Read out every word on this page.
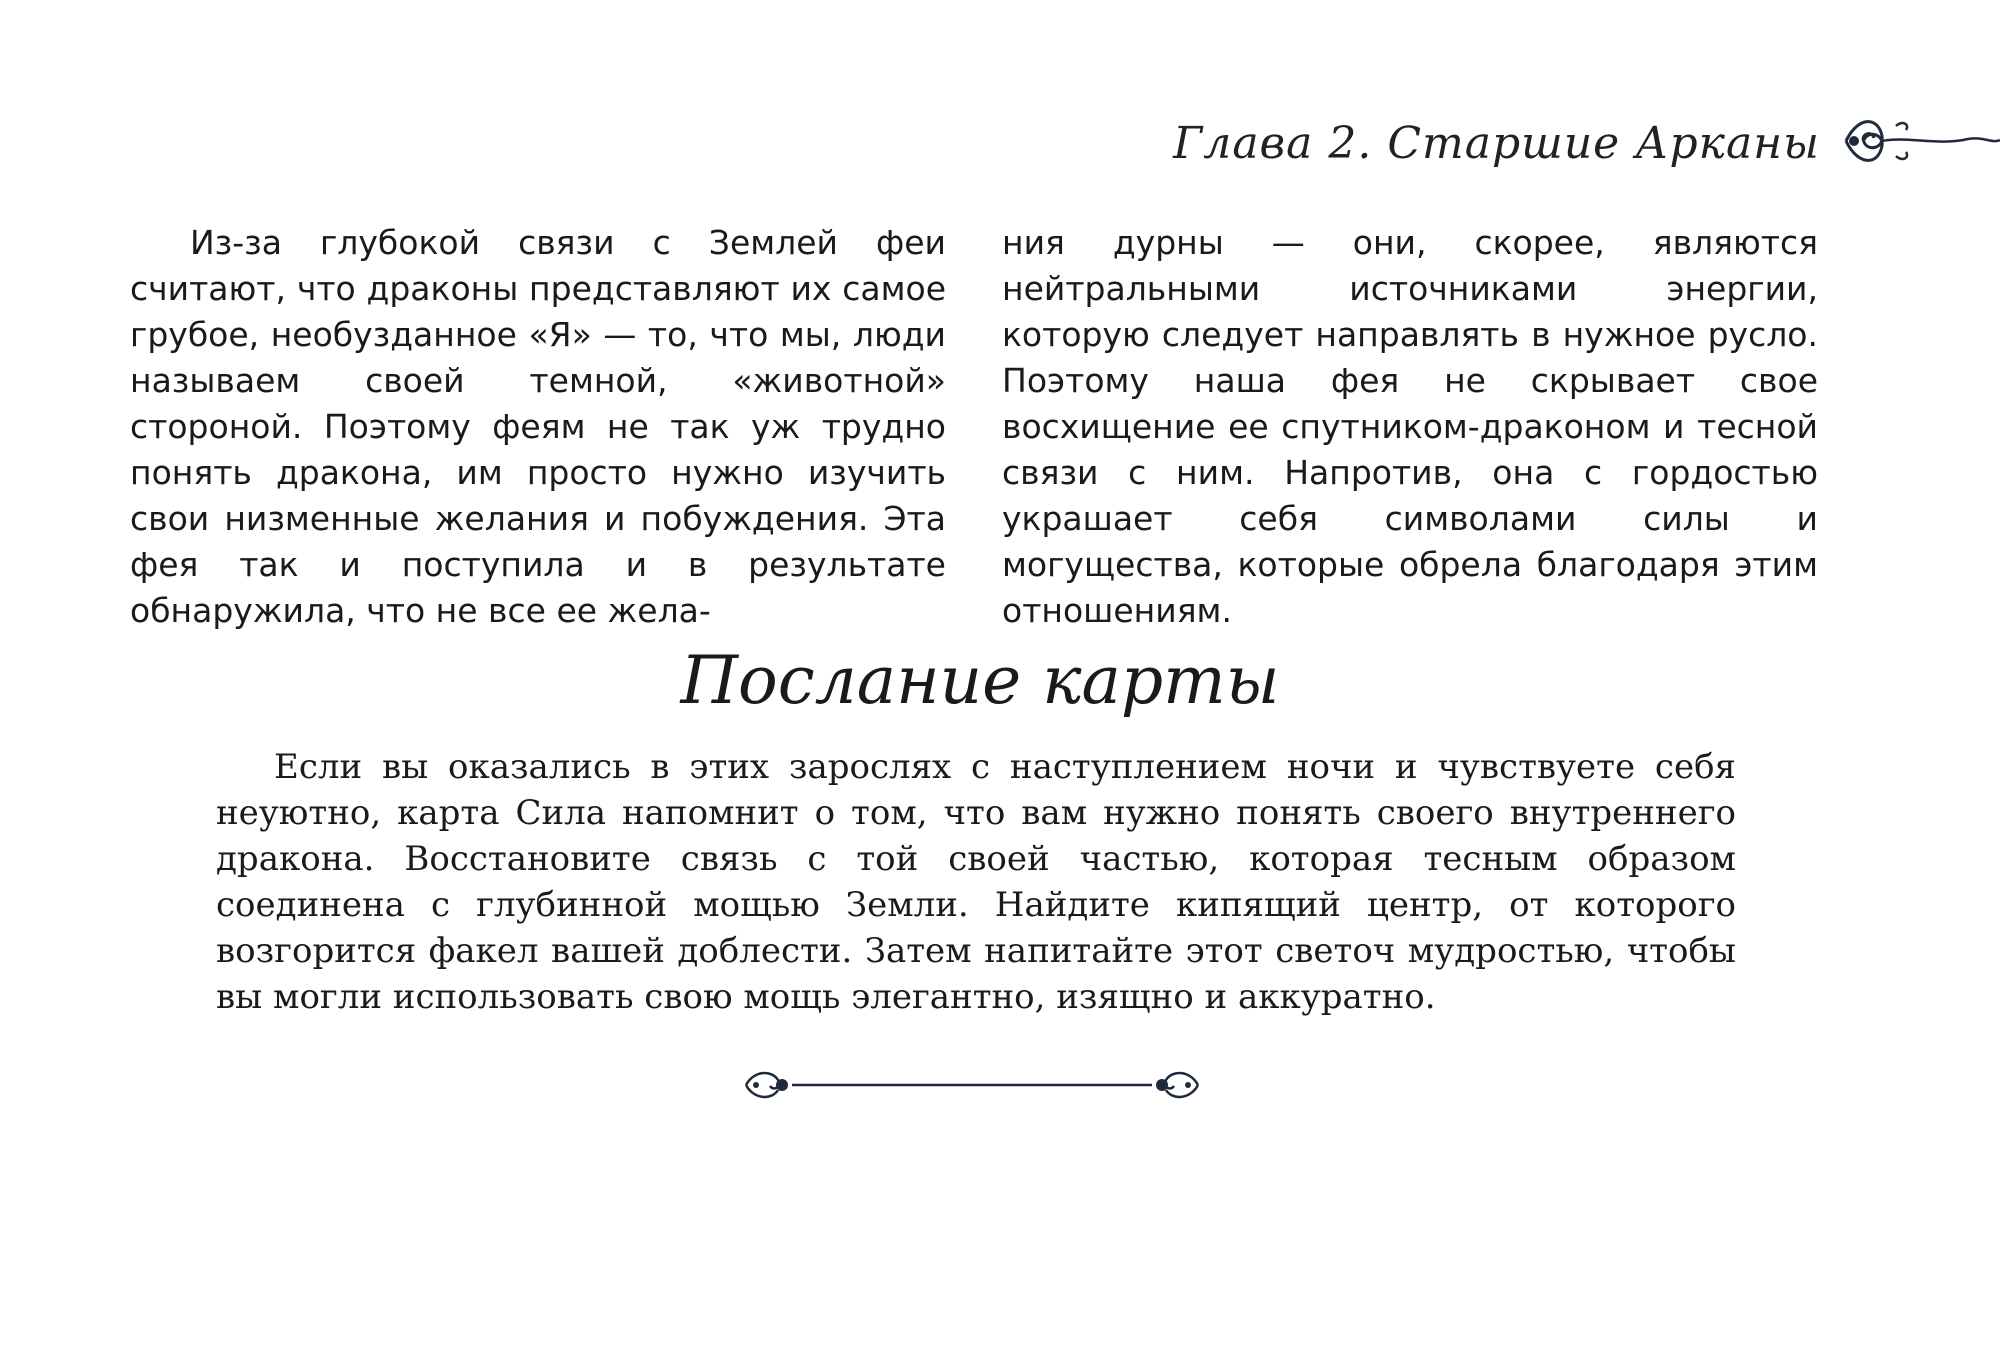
Глава 2. Старшие Арканы

Из-за глубокой связи с Землей феи считают, что драконы представляют их самое грубое, необузданное «Я» — то, что мы, люди называем своей темной, «животной» стороной. Поэтому феям не так уж трудно понять дракона, им просто нужно изучить свои низменные желания и побуждения. Эта фея так и поступила и в результате обнаружила, что не все ее жела-

ния дурны — они, скорее, являются нейтральными источниками энергии, которую следует направлять в нужное русло. Поэтому наша фея не скрывает свое восхищение ее спутником-драконом и тесной связи с ним. Напротив, она с гордостью украшает себя символами силы и могущества, которые обрела благодаря этим отношениям.

Послание карты

Если вы оказались в этих зарослях с наступлением ночи и чувствуете себя неуютно, карта Сила напомнит о том, что вам нужно понять своего внутреннего дракона. Восстановите связь с той своей частью, которая тесным образом соединена с глубинной мощью Земли. Найдите кипящий центр, от которого возгорится факел вашей доблести. Затем напитайте этот светоч мудростью, чтобы вы могли использовать свою мощь элегантно, изящно и аккуратно.
